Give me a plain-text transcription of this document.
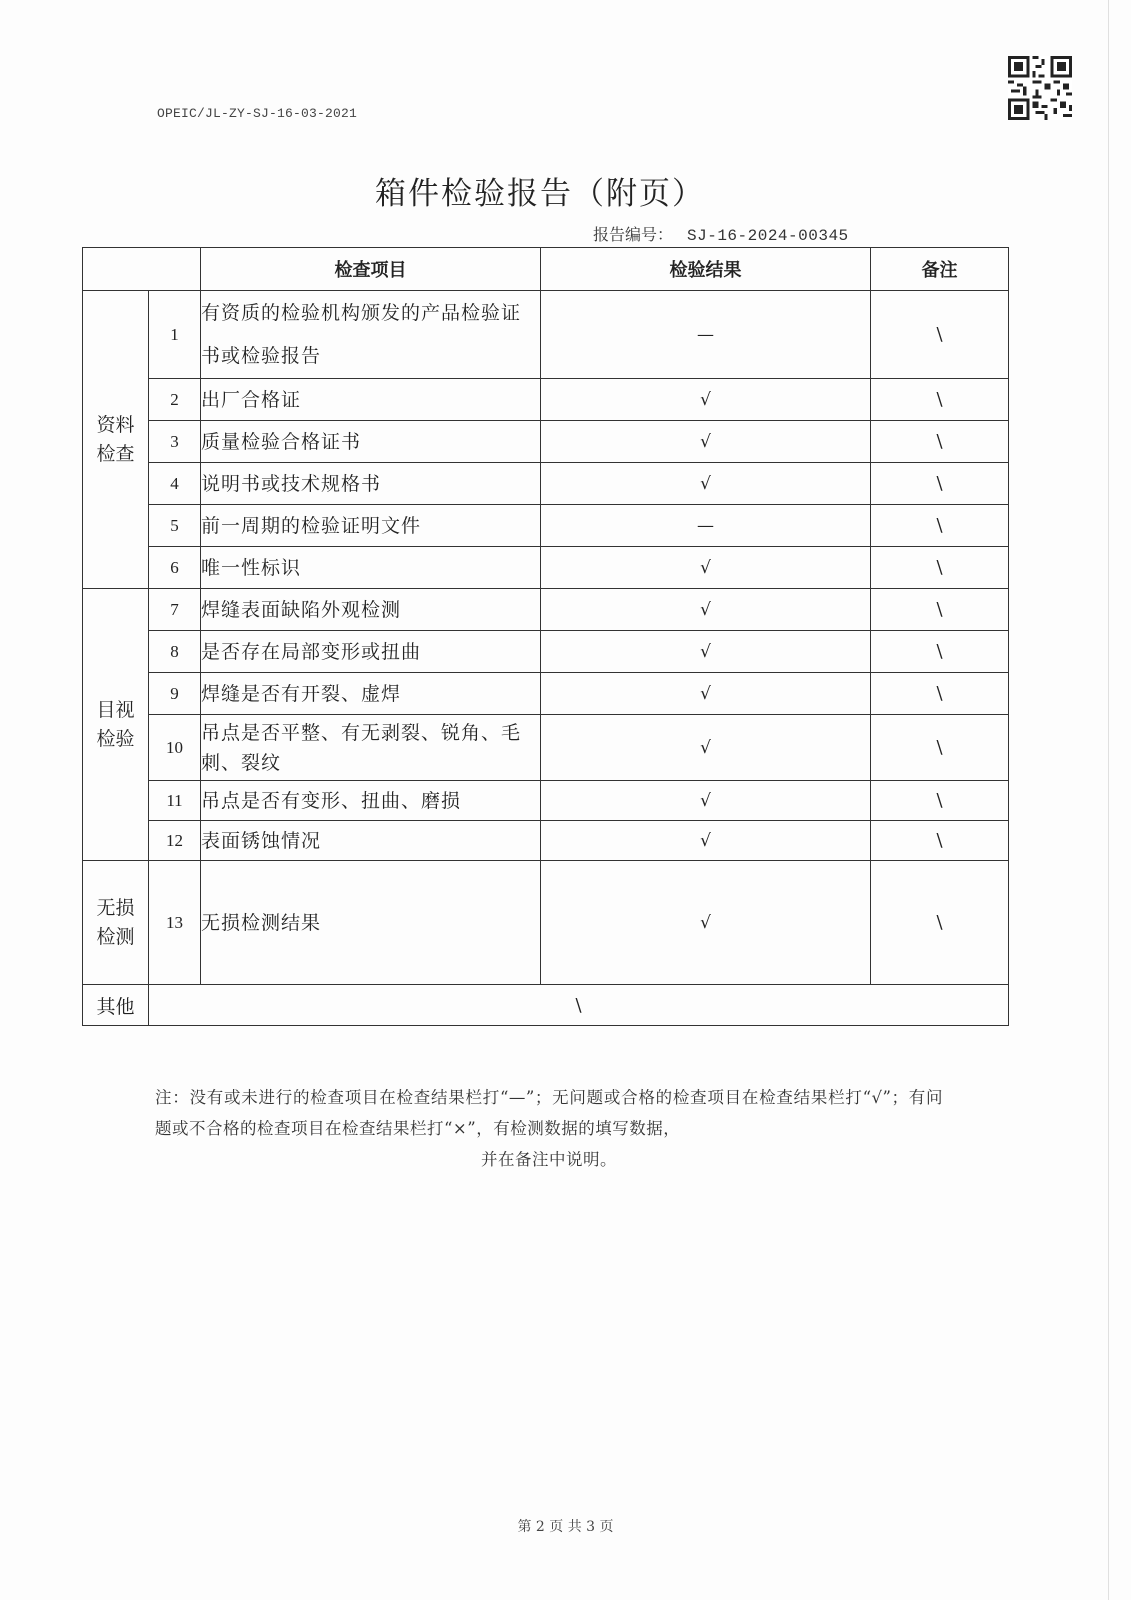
OPEIC/JL-ZY-SJ-16-03-2021
箱件检验报告（附页）
报告编号： SJ-16-2024-00345
		检查项目	检验结果	备注

资料
检查	1	有资质的检验机构颁发的产品检验证书或检验报告	—	\
	2	出厂合格证	√	\
	3	质量检验合格证书	√	\
	4	说明书或技术规格书	√	\
	5	前一周期的检验证明文件	—	\
	6	唯一性标识	√	\

目视
检验	7	焊缝表面缺陷外观检测	√	\
	8	是否存在局部变形或扭曲	√	\
	9	焊缝是否有开裂、虚焊	√	\
	10	吊点是否平整、有无剥裂、锐角、毛刺、裂纹	√	\
	11	吊点是否有变形、扭曲、磨损	√	\
	12	表面锈蚀情况	√	\

无损
检测	13	无损检测结果	√	\
其他	\			
注：没有或未进行的检查项目在检查结果栏打“—”；无问题或合格的检查项目在检查结果栏打“√”；有问题或不合格的检查项目在检查结果栏打“×”，有检测数据的填写数据，
并在备注中说明。
第 2 页 共 3 页
